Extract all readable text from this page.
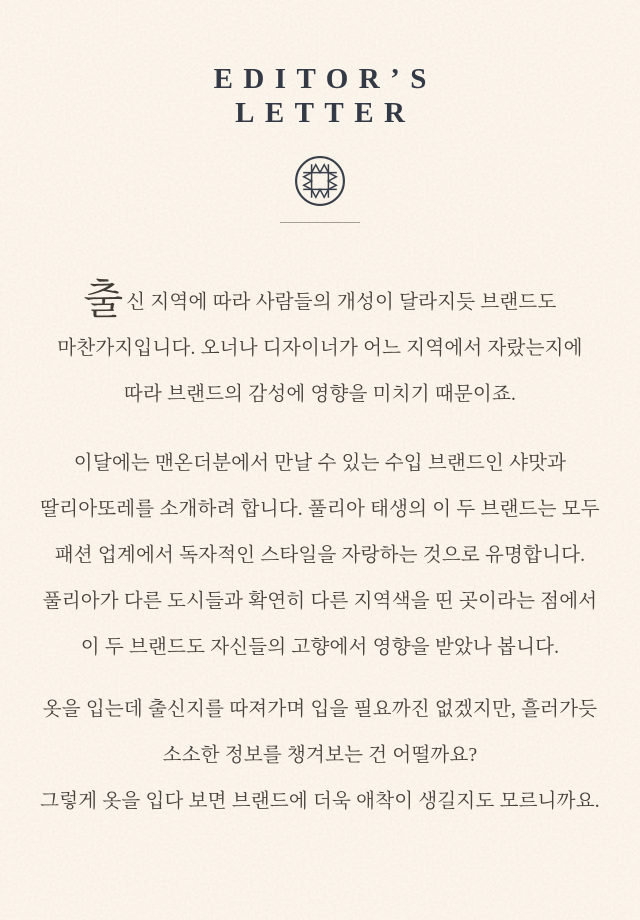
EDITOR’S
LETTER

출신 지역에 따라 사람들의 개성이 달라지듯 브랜드도
마찬가지입니다. 오너나 디자이너가 어느 지역에서 자랐는지에
따라 브랜드의 감성에 영향을 미치기 때문이죠.

이달에는 맨온더분에서 만날 수 있는 수입 브랜드인 샤맛과
딸리아또레를 소개하려 합니다. 풀리아 태생의 이 두 브랜드는 모두
패션 업계에서 독자적인 스타일을 자랑하는 것으로 유명합니다.
풀리아가 다른 도시들과 확연히 다른 지역색을 띤 곳이라는 점에서
이 두 브랜드도 자신들의 고향에서 영향을 받았나 봅니다.

옷을 입는데 출신지를 따져가며 입을 필요까진 없겠지만, 흘러가듯
소소한 정보를 챙겨보는 건 어떨까요?
그렇게 옷을 입다 보면 브랜드에 더욱 애착이 생길지도 모르니까요.
